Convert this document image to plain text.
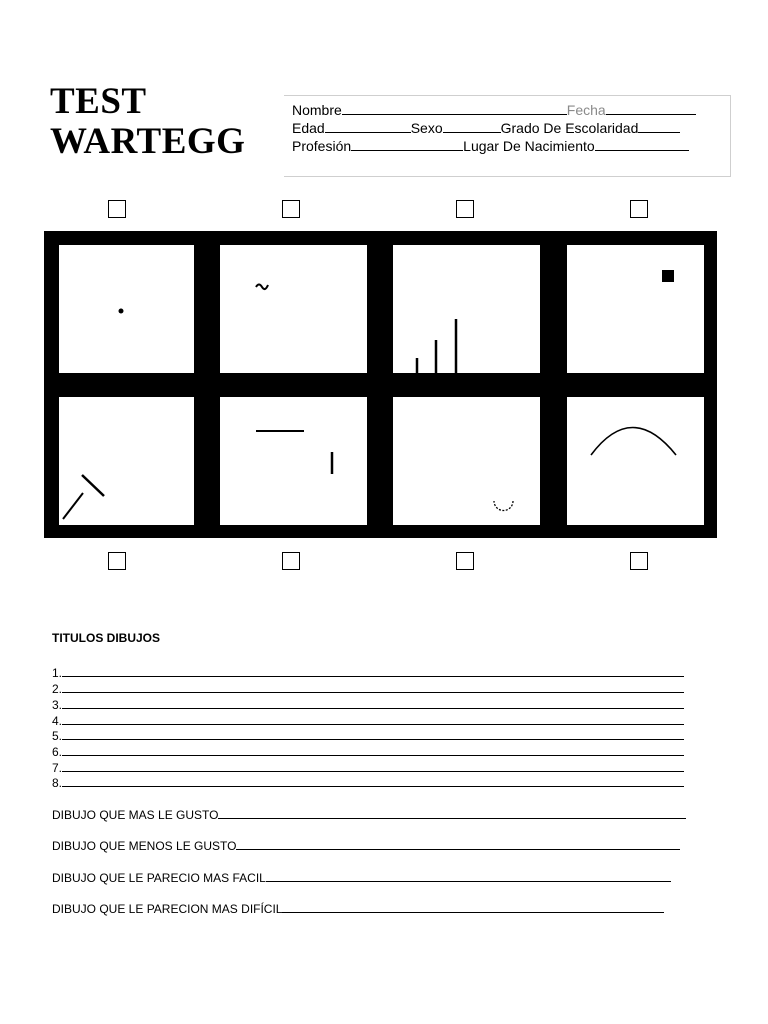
TEST
WARTEGG
Nombre	Fecha
Edad	Sexo	Grado De Escolaridad
Profesión	Lugar De Nacimiento
TITULOS DIBUJOS
1.
2.
3.
4.
5.
6.
7.
8.
DIBUJO QUE MAS LE GUSTO
DIBUJO QUE MENOS LE GUSTO
DIBUJO QUE LE PARECIO MAS FACIL
DIBUJO QUE LE PARECION MAS DIFÍCIL
